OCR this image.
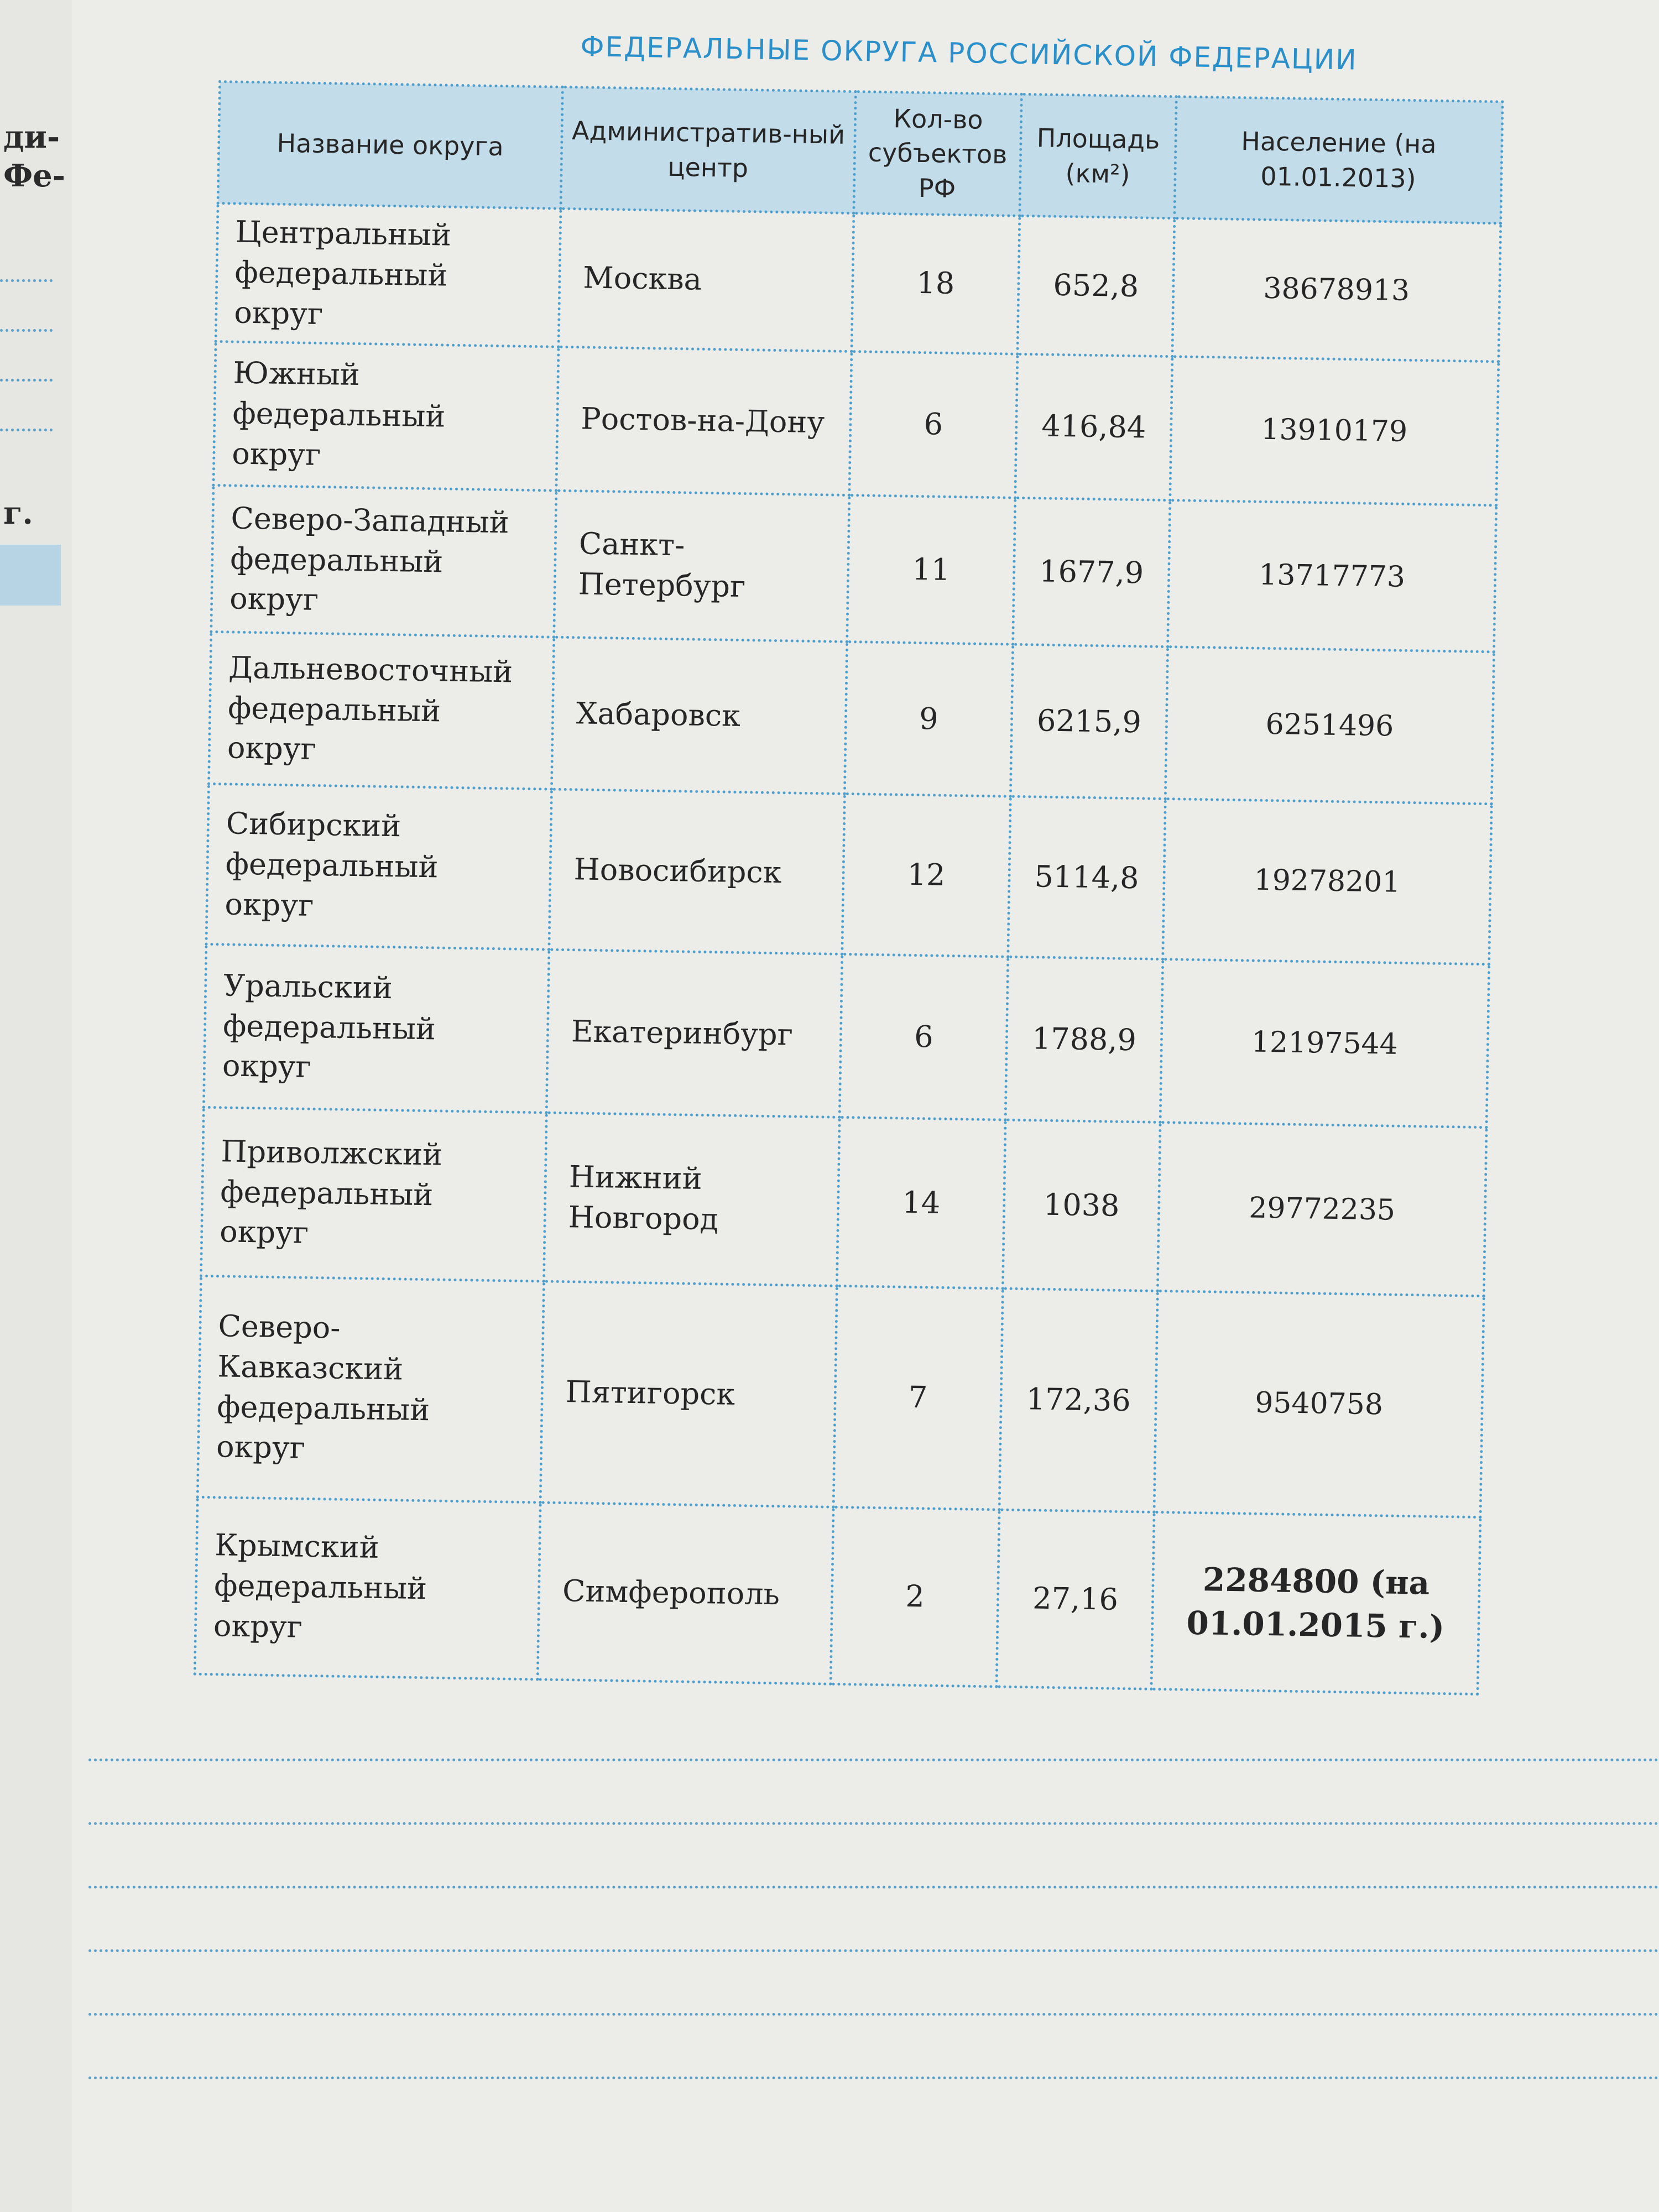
ди-
Фе-
г.
ФЕДЕРАЛЬНЫЕ ОКРУГА РОССИЙСКОЙ ФЕДЕРАЦИИ
Название округа	Административ-ный центр	Кол-во субъектов РФ	Площадь (км²)	Население (на 01.01.2013)
Центральный федеральный округ	Москва	18	652,8	38678913
Южный федеральный округ	Ростов-на-Дону	6	416,84	13910179
Северо-Западный федеральный округ	Санкт-Петербург	11	1677,9	13717773
Дальневосточный федеральный округ	Хабаровск	9	6215,9	6251496
Сибирский федеральный округ	Новосибирск	12	5114,8	19278201
Уральский федеральный округ	Екатеринбург	6	1788,9	12197544
Приволжский федеральный округ	Нижний Новгород	14	1038	29772235
Северо-Кавказский федеральный округ	Пятигорск	7	172,36	9540758
Крымский федеральный округ	Симферополь	2	27,16	2284800 (на 01.01.2015 г.)
